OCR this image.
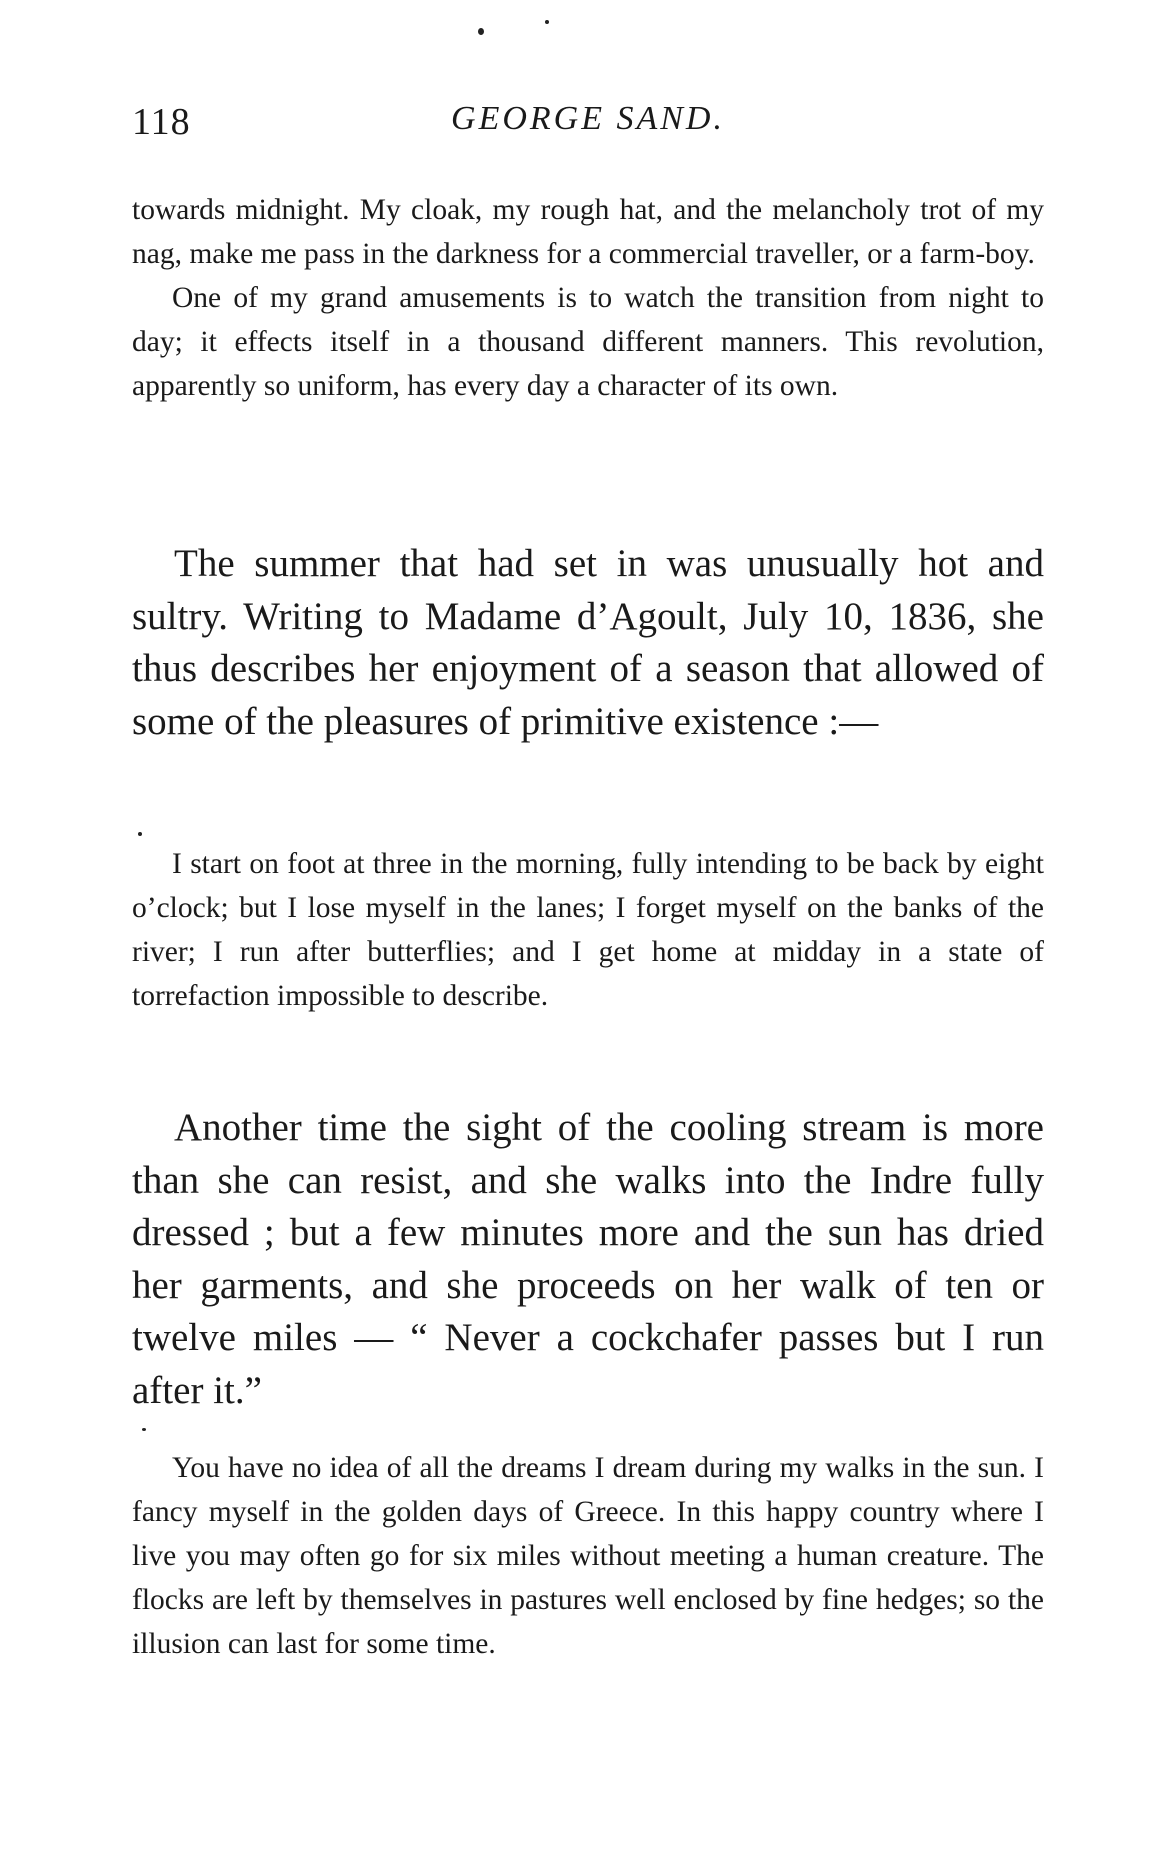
118	GEORGE SAND.

towards midnight. My cloak, my rough hat, and the melancholy trot of my nag, make me pass in the darkness for a commercial traveller, or a farm-boy.

One of my grand amusements is to watch the transition from night to day; it effects itself in a thousand different manners. This revolution, apparently so uniform, has every day a character of its own.

The summer that had set in was unusually hot and sultry. Writing to Madame d’Agoult, July 10, 1836, she thus describes her enjoyment of a season that allowed of some of the pleasures of primitive existence :—

I start on foot at three in the morning, fully intending to be back by eight o’clock; but I lose myself in the lanes; I forget myself on the banks of the river; I run after butterflies; and I get home at midday in a state of torrefaction impossible to describe.

Another time the sight of the cooling stream is more than she can resist, and she walks into the Indre fully dressed ; but a few minutes more and the sun has dried her garments, and she proceeds on her walk of ten or twelve miles — “ Never a cockchafer passes but I run after it.”

You have no idea of all the dreams I dream during my walks in the sun. I fancy myself in the golden days of Greece. In this happy country where I live you may often go for six miles without meeting a human creature. The flocks are left by themselves in pastures well enclosed by fine hedges; so the illusion can last for some time.
